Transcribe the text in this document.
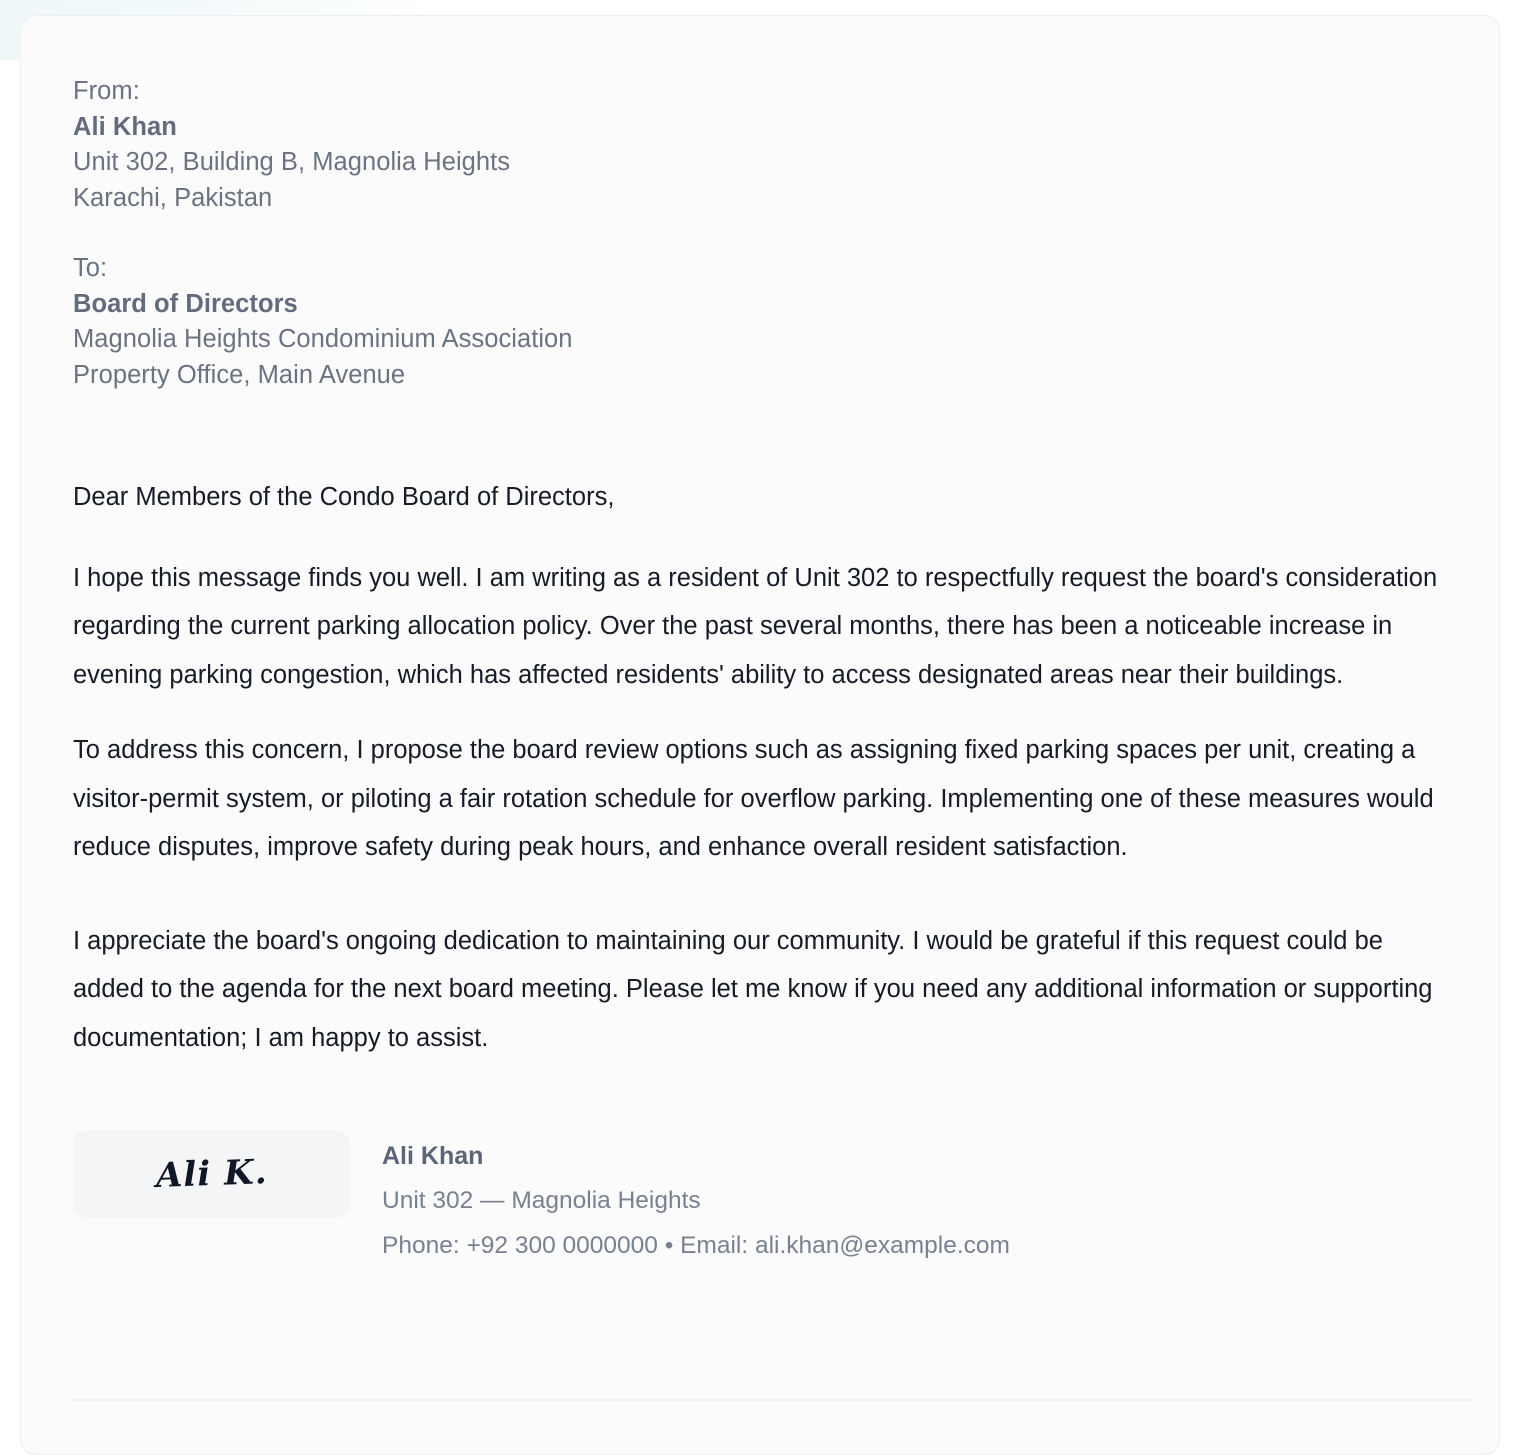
From:
Ali Khan
Unit 302, Building B, Magnolia Heights
Karachi, Pakistan
To:
Board of Directors
Magnolia Heights Condominium Association
Property Office, Main Avenue

Dear Members of the Condo Board of Directors,

I hope this message finds you well. I am writing as a resident of Unit 302 to respectfully request the board's consideration regarding the current parking allocation policy. Over the past several months, there has been a noticeable increase in evening parking congestion, which has affected residents' ability to access designated areas near their buildings.

To address this concern, I propose the board review options such as assigning fixed parking spaces per unit, creating a visitor-permit system, or piloting a fair rotation schedule for overflow parking. Implementing one of these measures would reduce disputes, improve safety during peak hours, and enhance overall resident satisfaction.

I appreciate the board's ongoing dedication to maintaining our community. I would be grateful if this request could be added to the agenda for the next board meeting. Please let me know if you need any additional information or supporting documentation; I am happy to assist.

Ali K.	Ali Khan
Unit 302 — Magnolia Heights
Phone: +92 300 0000000 • Email: ali.khan@example.com
